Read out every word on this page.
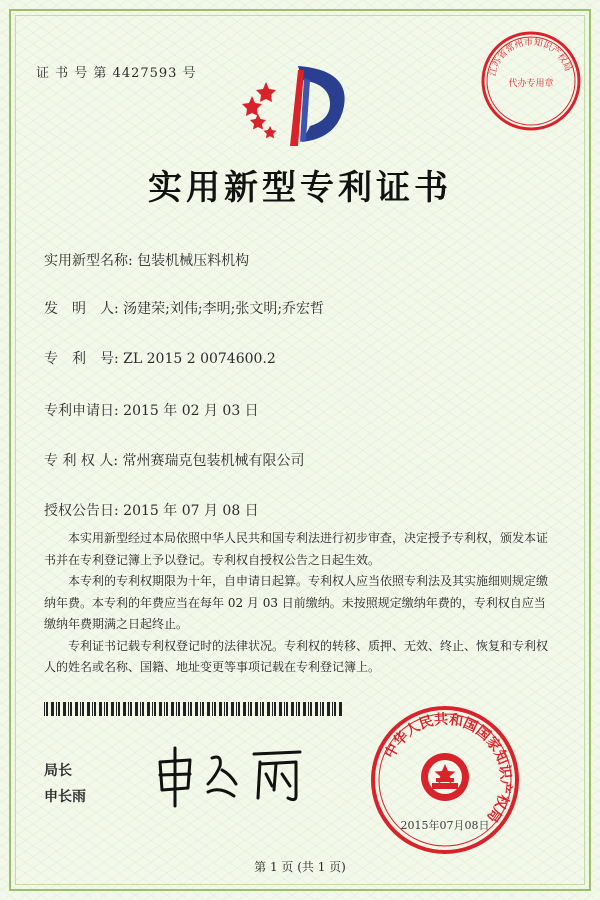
证 书 号 第 4427593 号	江苏省常州市知识产权局
代办专用章
实用新型专利证书
实用新型名称: 包装机械压料机构
发　明　人: 汤建荣;刘伟;李明;张文明;乔宏哲
专　利　号: ZL 2015 2 0074600.2
专利申请日: 2015 年 02 月 03 日
专 利 权 人: 常州赛瑞克包装机械有限公司
授权公告日: 2015 年 07 月 08 日

本实用新型经过本局依照中华人民共和国专利法进行初步审查，决定授予专利权，颁发本证书并在专利登记簿上予以登记。专利权自授权公告之日起生效。

本专利的专利权期限为十年，自申请日起算。专利权人应当依照专利法及其实施细则规定缴纳年费。本专利的年费应当在每年 02 月 03 日前缴纳。未按照规定缴纳年费的，专利权自应当缴纳年费期满之日起终止。

专利证书记载专利权登记时的法律状况。专利权的转移、质押、无效、终止、恢复和专利权人的姓名或名称、国籍、地址变更等事项记载在专利登记簿上。

局长
申长雨
中华人民共和国国家知识产权局
2015年07月08日
第 1 页 (共 1 页)
